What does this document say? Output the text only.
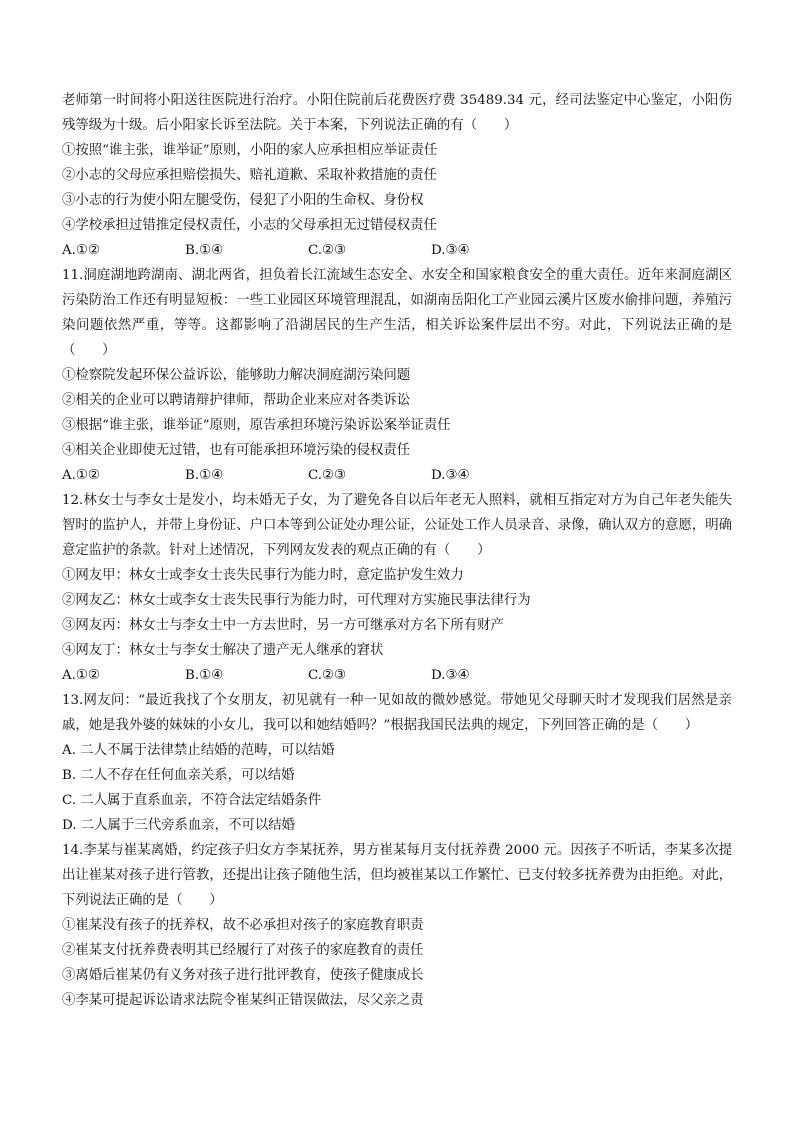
老师第一时间将小阳送往医院进行治疗。小阳住院前后花费医疗费 35489.34 元，经司法鉴定中心鉴定，小阳伤残等级为十级。后小阳家长诉至法院。关于本案，下列说法正确的有（　　）
①按照“谁主张，谁举证”原则，小阳的家人应承担相应举证责任
②小志的父母应承担赔偿损失、赔礼道歉、采取补救措施的责任
③小志的行为使小阳左腿受伤，侵犯了小阳的生命权、身份权
④学校承担过错推定侵权责任，小志的父母承担无过错侵权责任
A.①②	B.①④	C.②③	D.③④
11.洞庭湖地跨湖南、湖北两省，担负着长江流域生态安全、水安全和国家粮食安全的重大责任。近年来洞庭湖区污染防治工作还有明显短板：一些工业园区环境管理混乱，如湖南岳阳化工产业园云溪片区废水偷排问题，养殖污染问题依然严重，等等。这都影响了沿湖居民的生产生活，相关诉讼案件层出不穷。对此，下列说法正确的是（　　）
①检察院发起环保公益诉讼，能够助力解决洞庭湖污染问题
②相关的企业可以聘请辩护律师，帮助企业来应对各类诉讼
③根据“谁主张，谁举证”原则，原告承担环境污染诉讼案举证责任
④相关企业即使无过错，也有可能承担环境污染的侵权责任
A.①②	B.①④	C.②③	D.③④
12.林女士与李女士是发小，均未婚无子女，为了避免各自以后年老无人照料，就相互指定对方为自己年老失能失智时的监护人，并带上身份证、户口本等到公证处办理公证，公证处工作人员录音、录像，确认双方的意愿，明确意定监护的条款。针对上述情况，下列网友发表的观点正确的有（　　）
①网友甲：林女士或李女士丧失民事行为能力时，意定监护发生效力
②网友乙：林女士或李女士丧失民事行为能力时，可代理对方实施民事法律行为
③网友丙：林女士与李女士中一方去世时，另一方可继承对方名下所有财产
④网友丁：林女士与李女士解决了遗产无人继承的窘状
A.①②	B.①④	C.②③	D.③④
13.网友问：“最近我找了个女朋友，初见就有一种一见如故的微妙感觉。带她见父母聊天时才发现我们居然是亲戚，她是我外婆的妹妹的小女儿，我可以和她结婚吗？”根据我国民法典的规定，下列回答正确的是（　　）
A. 二人不属于法律禁止结婚的范畴，可以结婚
B. 二人不存在任何血亲关系，可以结婚
C. 二人属于直系血亲，不符合法定结婚条件
D. 二人属于三代旁系血亲，不可以结婚
14.李某与崔某离婚，约定孩子归女方李某抚养，男方崔某每月支付抚养费 2000 元。因孩子不听话，李某多次提出让崔某对孩子进行管教，还提出让孩子随他生活，但均被崔某以工作繁忙、已支付较多抚养费为由拒绝。对此，下列说法正确的是（　　）
①崔某没有孩子的抚养权，故不必承担对孩子的家庭教育职责
②崔某支付抚养费表明其已经履行了对孩子的家庭教育的责任
③离婚后崔某仍有义务对孩子进行批评教育，使孩子健康成长
④李某可提起诉讼请求法院令崔某纠正错误做法，尽父亲之责
